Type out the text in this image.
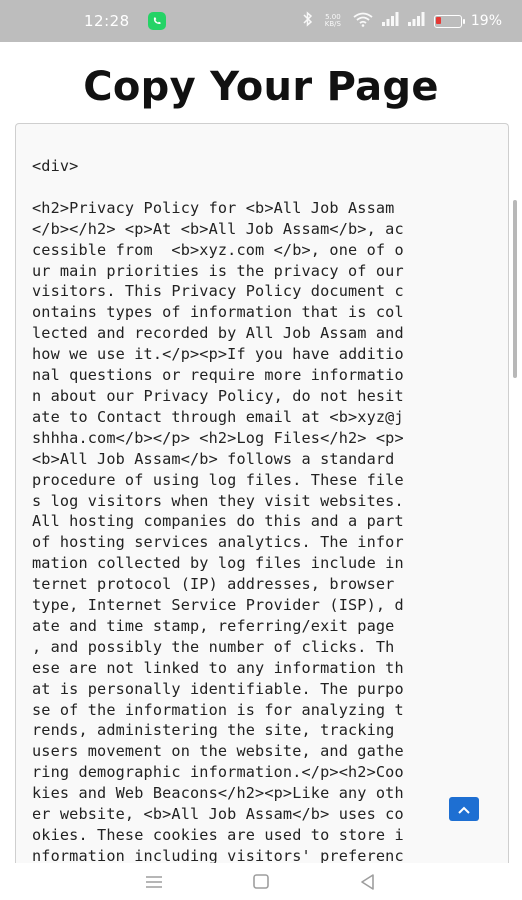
12:28	5.00 KB/S	19%
Copy Your Page
<div>

<h2>Privacy Policy for <b>All Job Assam
</b></h2> <p>At <b>All Job Assam</b>, ac
cessible from  <b>xyz.com </b>, one of o
ur main priorities is the privacy of our
visitors. This Privacy Policy document c
ontains types of information that is col
lected and recorded by All Job Assam and
how we use it.</p><p>If you have additio
nal questions or require more informatio
n about our Privacy Policy, do not hesit
ate to Contact through email at <b>xyz@j
shhha.com</b></p> <h2>Log Files</h2> <p>
<b>All Job Assam</b> follows a standard
procedure of using log files. These file
s log visitors when they visit websites.
All hosting companies do this and a part
of hosting services analytics. The infor
mation collected by log files include in
ternet protocol (IP) addresses, browser
type, Internet Service Provider (ISP), d
ate and time stamp, referring/exit page
, and possibly the number of clicks. Th
ese are not linked to any information th
at is personally identifiable. The purpo
se of the information is for analyzing t
rends, administering the site, tracking
users movement on the website, and gathe
ring demographic information.</p><h2>Coo
kies and Web Beacons</h2><p>Like any oth
er website, <b>All Job Assam</b> uses co
okies. These cookies are used to store i
nformation including visitors' preferenc
